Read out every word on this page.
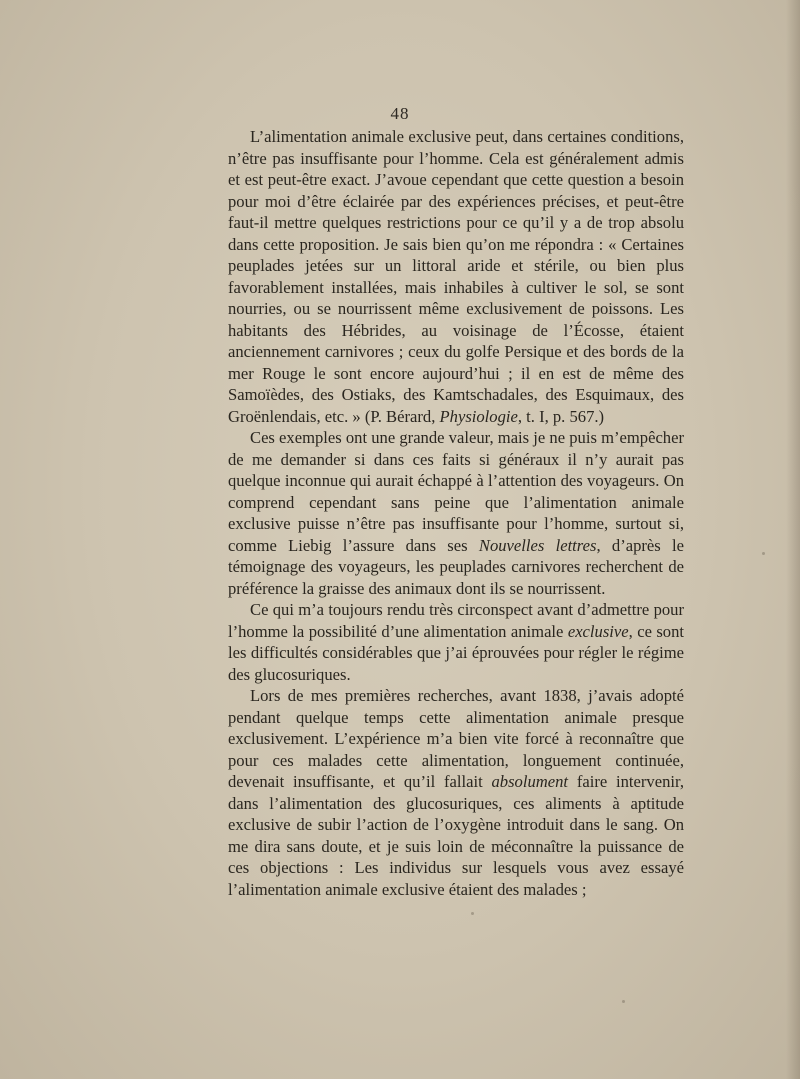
48

L’alimentation animale exclusive peut, dans certaines conditions, n’être pas insuffisante pour l’homme. Cela est généralement admis et est peut-être exact. J’avoue cependant que cette question a besoin pour moi d’être éclairée par des expériences précises, et peut-être faut-il mettre quelques restrictions pour ce qu’il y a de trop absolu dans cette proposition. Je sais bien qu’on me répondra : « Certaines peuplades jetées sur un littoral aride et stérile, ou bien plus favorablement installées, mais inhabiles à cultiver le sol, se sont nourries, ou se nourrissent même exclusivement de poissons. Les habitants des Hébrides, au voisinage de l’Écosse, étaient anciennement carnivores ; ceux du golfe Persique et des bords de la mer Rouge le sont encore aujourd’hui ; il en est de même des Samoïèdes, des Ostiaks, des Kamtschadales, des Esquimaux, des Groënlendais, etc. » (P. Bérard, Physiologie, t. I, p. 567.)

Ces exemples ont une grande valeur, mais je ne puis m’empêcher de me demander si dans ces faits si généraux il n’y aurait pas quelque inconnue qui aurait échappé à l’attention des voyageurs. On comprend cependant sans peine que l’alimentation animale exclusive puisse n’être pas insuffisante pour l’homme, surtout si, comme Liebig l’assure dans ses Nouvelles lettres, d’après le témoignage des voyageurs, les peuplades carnivores recherchent de préférence la graisse des animaux dont ils se nourrissent.

Ce qui m’a toujours rendu très circonspect avant d’admettre pour l’homme la possibilité d’une alimentation animale exclusive, ce sont les difficultés considérables que j’ai éprouvées pour régler le régime des glucosuriques.

Lors de mes premières recherches, avant 1838, j’avais adopté pendant quelque temps cette alimentation animale presque exclusivement. L’expérience m’a bien vite forcé à reconnaître que pour ces malades cette alimentation, longuement continuée, devenait insuffisante, et qu’il fallait absolument faire intervenir, dans l’alimentation des glucosuriques, ces aliments à aptitude exclusive de subir l’action de l’oxygène introduit dans le sang. On me dira sans doute, et je suis loin de méconnaître la puissance de ces objections : Les individus sur lesquels vous avez essayé l’alimentation animale exclusive étaient des malades ;
